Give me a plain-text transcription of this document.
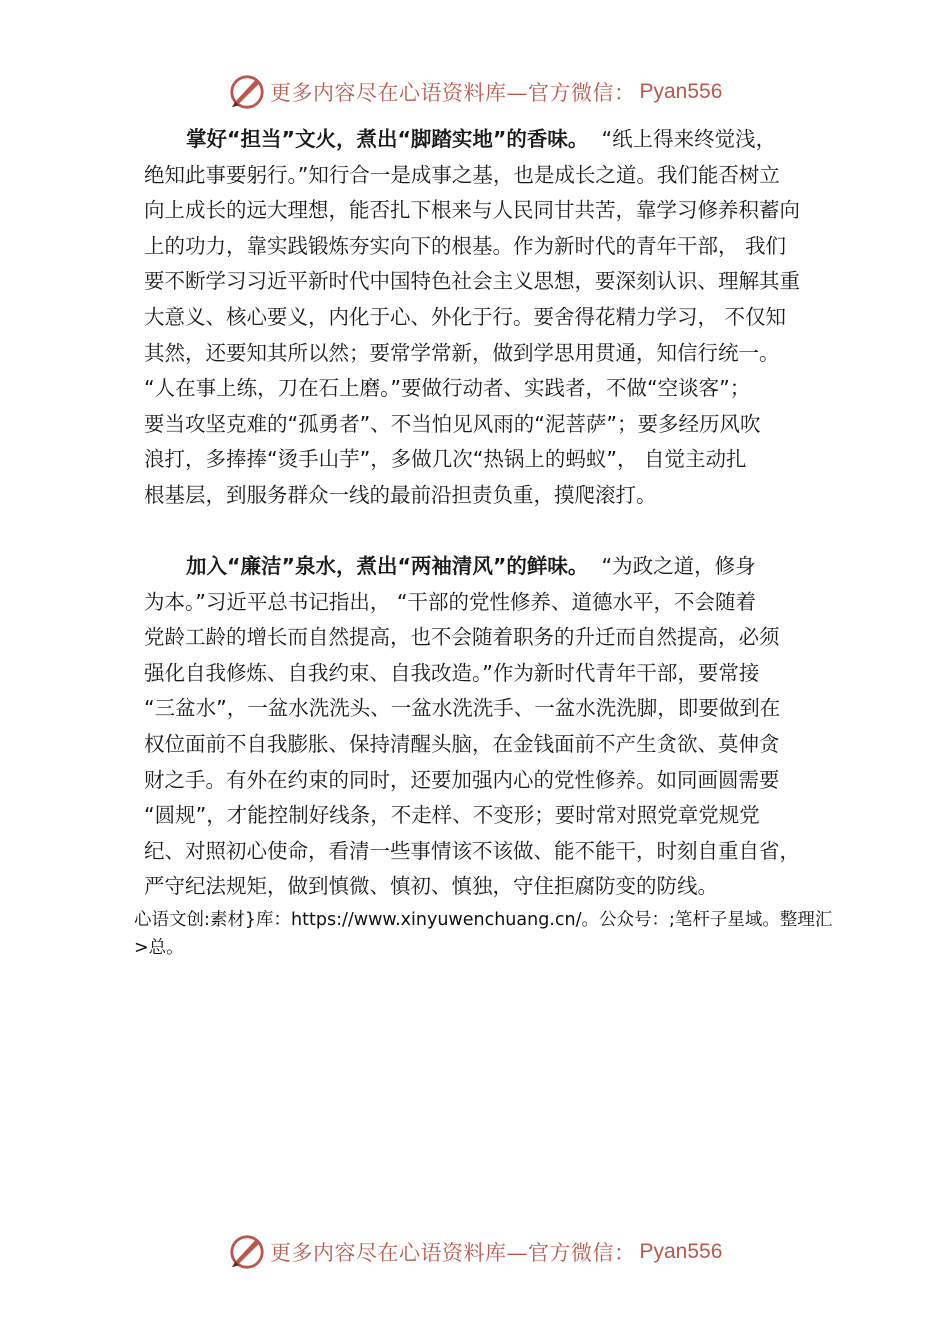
更多内容尽在心语资料库—官方微信： Pyan556
掌好“担当”文火，煮出“脚踏实地”的香味。 “纸上得来终觉浅，
绝知此事要躬行。”知行合一是成事之基，也是成长之道。我们能否树立
向上成长的远大理想，能否扎下根来与人民同甘共苦，靠学习修养积蓄向
上的功力，靠实践锻炼夯实向下的根基。作为新时代的青年干部， 我们
要不断学习习近平新时代中国特色社会主义思想，要深刻认识、理解其重
大意义、核心要义，内化于心、外化于行。要舍得花精力学习， 不仅知
其然，还要知其所以然；要常学常新，做到学思用贯通，知信行统一。
“人在事上练，刀在石上磨。”要做行动者、实践者，不做“空谈客”；
要当攻坚克难的“孤勇者”、不当怕见风雨的“泥菩萨”；要多经历风吹
浪打，多捧捧“烫手山芋”，多做几次“热锅上的蚂蚁”， 自觉主动扎
根基层，到服务群众一线的最前沿担责负重，摸爬滚打。
加入“廉洁”泉水，煮出“两袖清风”的鲜味。 “为政之道，修身
为本。”习近平总书记指出， “干部的党性修养、道德水平，不会随着
党龄工龄的增长而自然提高，也不会随着职务的升迁而自然提高，必须
强化自我修炼、自我约束、自我改造。”作为新时代青年干部，要常接
“三盆水”，一盆水洗洗头、一盆水洗洗手、一盆水洗洗脚，即要做到在
权位面前不自我膨胀、保持清醒头脑，在金钱面前不产生贪欲、莫伸贪
财之手。有外在约束的同时，还要加强内心的党性修养。如同画圆需要
“圆规”，才能控制好线条，不走样、不变形；要时常对照党章党规党
纪、对照初心使命，看清一些事情该不该做、能不能干，时刻自重自省，
严守纪法规矩，做到慎微、慎初、慎独，守住拒腐防变的防线。
心语文创:素材}库：https://www.xinyuwenchuang.cn/。公众号：;笔杆子星域。整理汇
>总。
更多内容尽在心语资料库—官方微信： Pyan556
